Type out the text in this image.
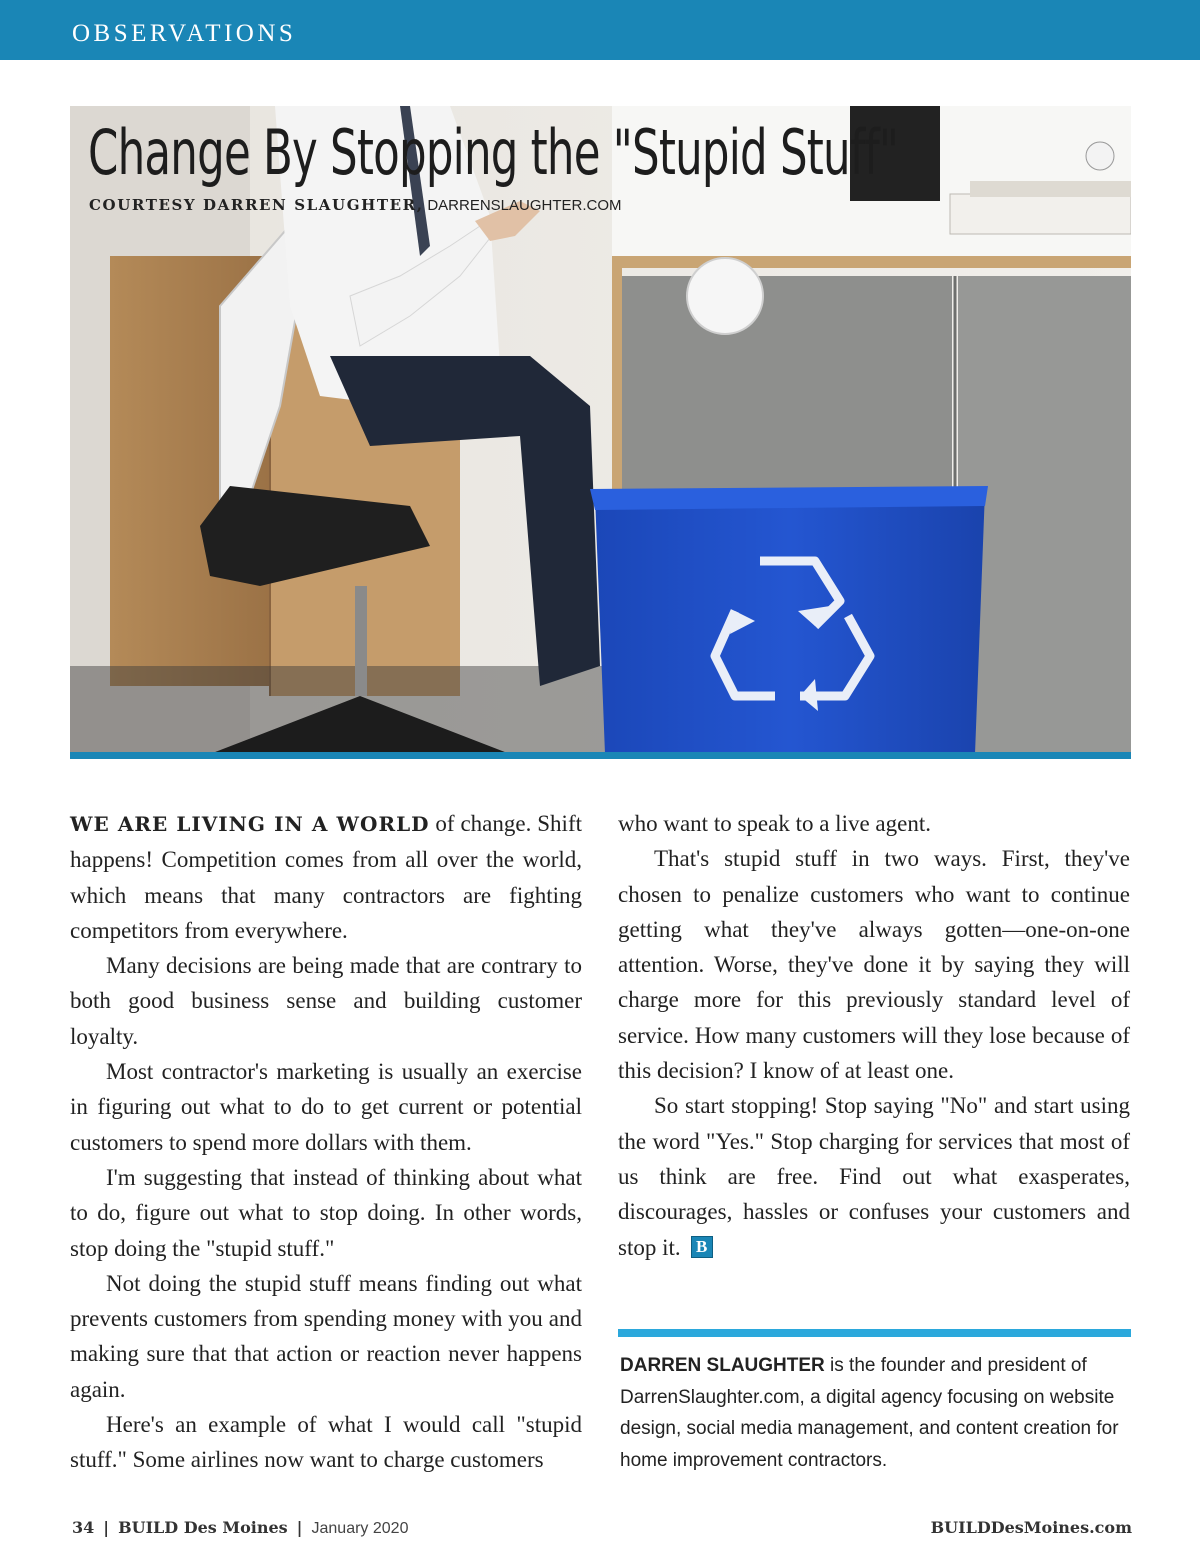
OBSERVATIONS
Change By Stopping the "Stupid Stuff"
COURTESY DARREN SLAUGHTER, DARRENSLAUGHTER.COM

WE ARE LIVING IN A WORLD of change. Shift happens! Competition comes from all over the world, which means that many contractors are fighting competitors from everywhere.

Many decisions are being made that are contrary to both good business sense and building customer loyalty.

Most contractor's marketing is usually an exercise in figuring out what to do to get current or potential customers to spend more dollars with them.

I'm suggesting that instead of thinking about what to do, figure out what to stop doing. In other words, stop doing the "stupid stuff."

Not doing the stupid stuff means finding out what prevents customers from spending money with you and making sure that that action or reaction never happens again.

Here's an example of what I would call "stupid stuff." Some airlines now want to charge customers

who want to speak to a live agent.

That's stupid stuff in two ways. First, they've chosen to penalize customers who want to continue getting what they've always gotten—one-on-one attention. Worse, they've done it by saying they will charge more for this previously standard level of service. How many customers will they lose because of this decision? I know of at least one.

So start stopping! Stop saying "No" and start using the word "Yes." Stop charging for services that most of us think are free. Find out what exasperates, discourages, hassles or confuses your customers and stop it. B

DARREN SLAUGHTER is the founder and president of DarrenSlaughter.com, a digital agency focusing on website design, social media management, and content creation for home improvement contractors.
34 | BUILD Des Moines | January 2020	BUILDDesMoines.com
